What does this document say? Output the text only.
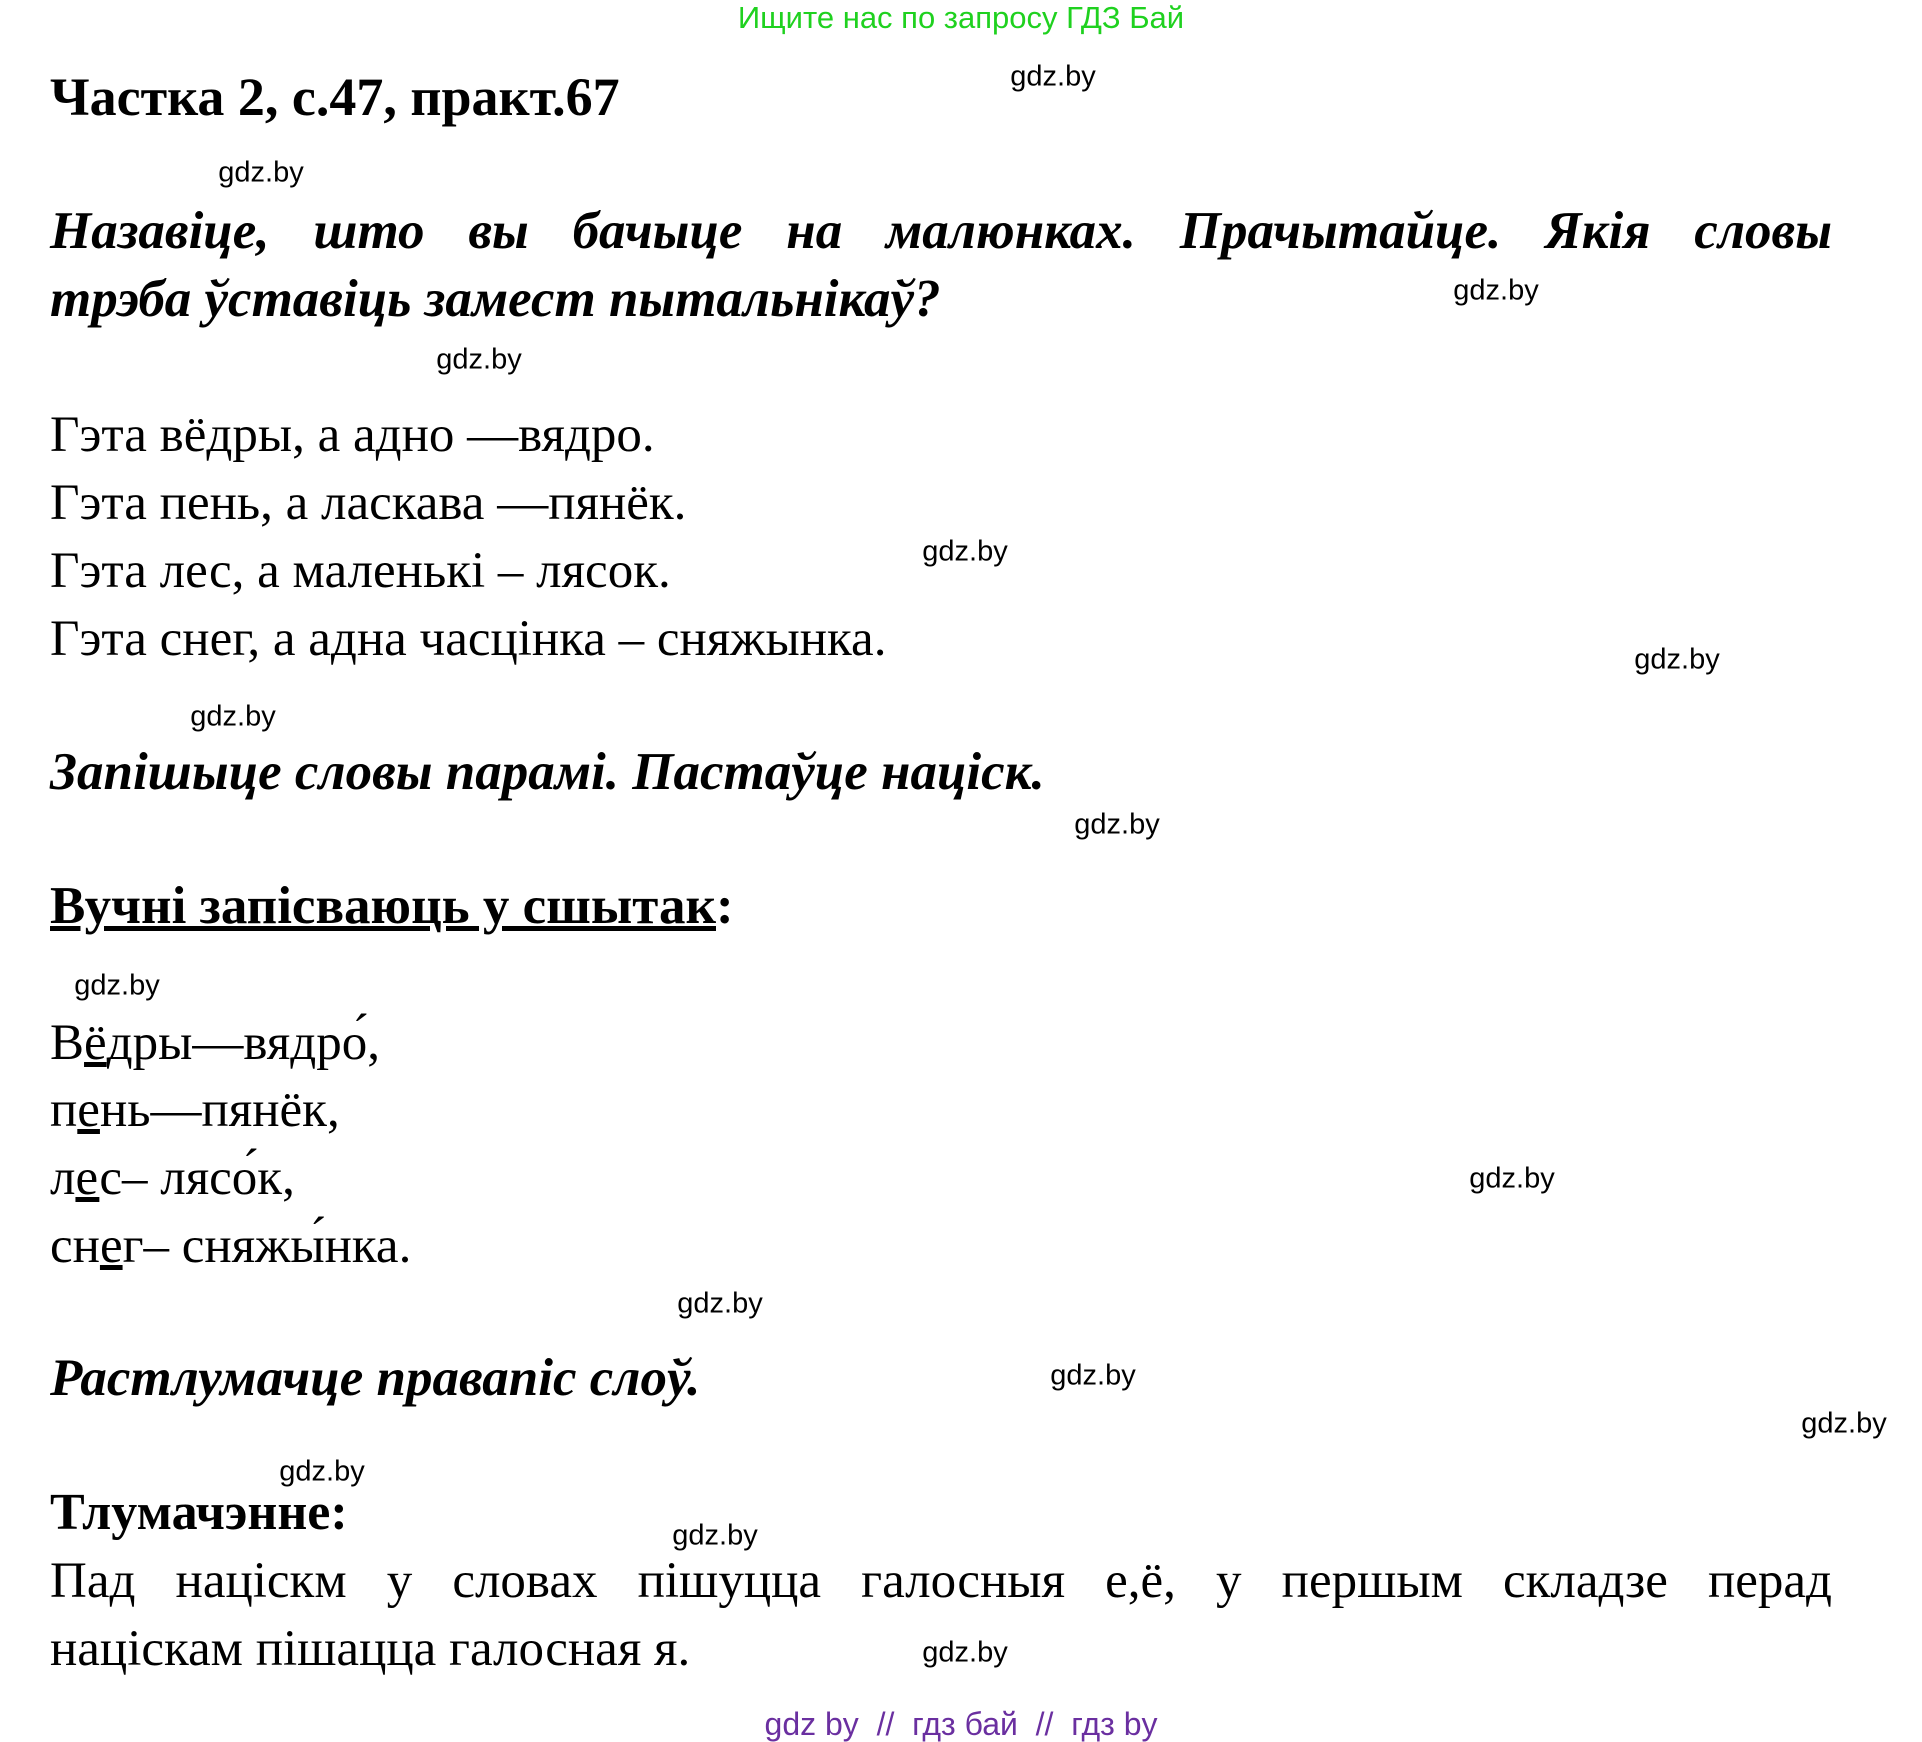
Ищите нас по запросу ГДЗ Бай
Частка 2, с.47, практ.67
Назавіце, што вы бачыце на малюнках. Прачытайце. Якія словы
трэба ўставіць замест пытальнікаў?
Гэта вёдры, а адно —вядро.
Гэта пень, а ласкава —пянёк.
Гэта лес, а маленькі – лясок.
Гэта снег, а адна часцінка – сняжынка.
Запішыце словы парамі. Пастаўце націск.
Вучні запісваюць у сшытак:
Вёдры—вядро́,
пень—пянёк,
лес– лясо́к,
снег– сняжы́нка.
Растлумачце правапіс слоў.
Тлумачэнне:
Пад націскм у словах пішуцца галосныя е,ё, у першым складзе перад
націскам пішацца галосная я.
gdz.by
gdz.by
gdz.by
gdz.by
gdz.by
gdz.by
gdz.by
gdz.by
gdz.by
gdz.by
gdz.by
gdz.by
gdz.by
gdz.by
gdz.by
gdz.by
gdz by  //  гдз бай  //  гдз by
